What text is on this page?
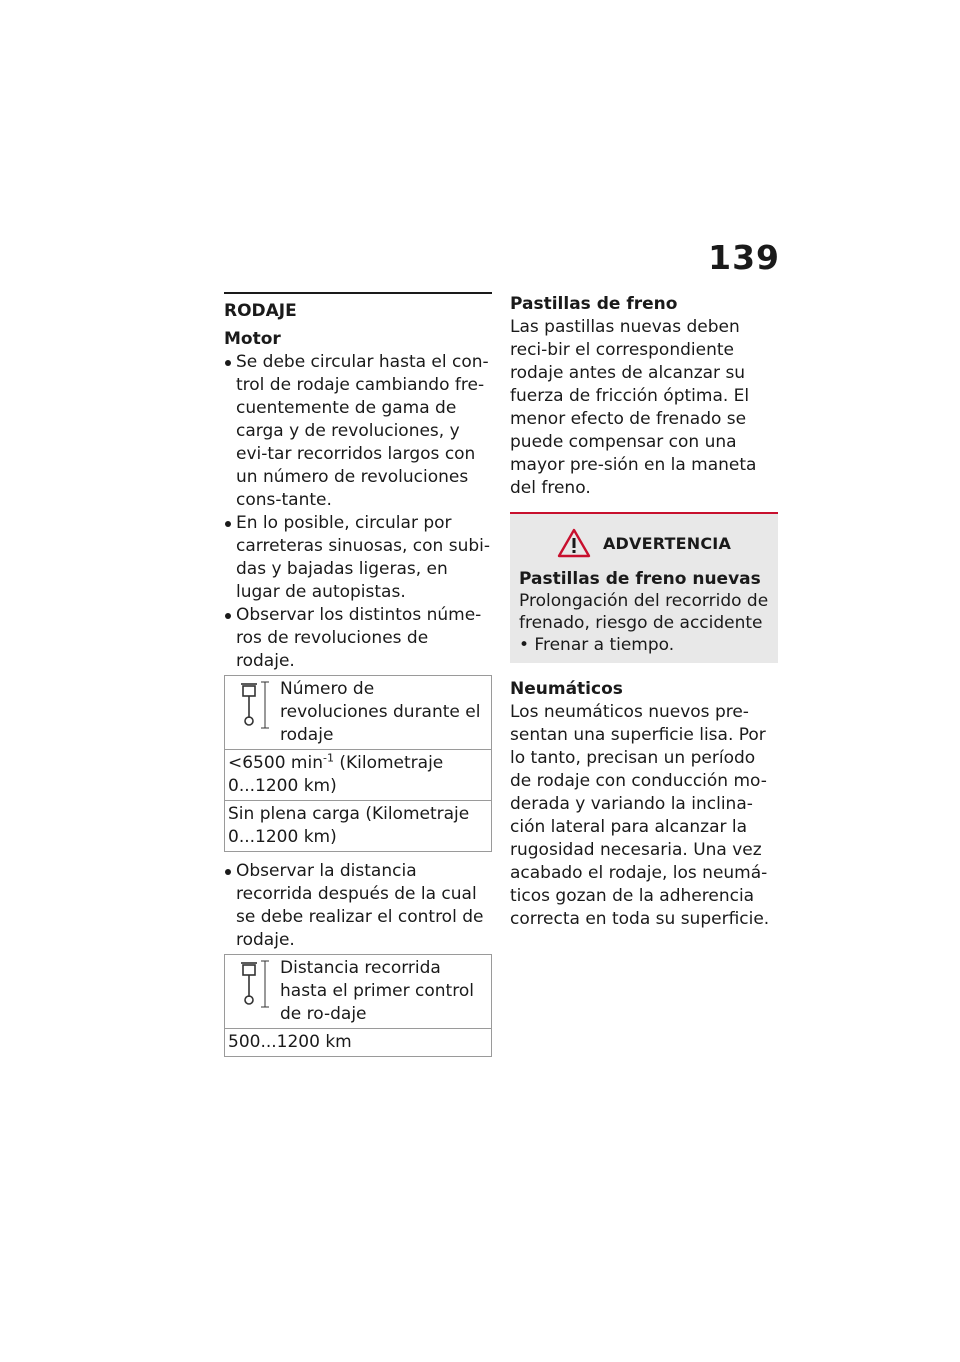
139
RODAJE
Motor
Se debe circular hasta el con-trol de rodaje cambiando fre-cuentemente de gama de carga y de revoluciones, y evi-tar recorridos largos con un número de revoluciones cons-tante.
En lo posible, circular por carreteras sinuosas, con subi-das y bajadas ligeras, en lugar de autopistas.
Observar los distintos núme-ros de revoluciones de rodaje.
Número de revoluciones durante el rodaje
<6500 $\min^{-1}$ (Kilometraje 0...1200 km)
Sin plena carga (Kilometraje 0...1200 km)
Observar la distancia recorrida después de la cual se debe realizar el control de rodaje.
Distancia recorrida hasta el primer control de ro-daje
500...1200 km
Pastillas de freno

Las pastillas nuevas deben reci-bir el correspondiente rodaje antes de alcanzar su fuerza de fricción óptima. El menor efecto de frenado se puede compensar con una mayor pre-sión en la maneta del freno.

ADVERTENCIA

Pastillas de freno nuevas

Prolongación del recorrido de frenado, riesgo de accidente

• Frenar a tiempo.

Neumáticos

Los neumáticos nuevos pre-sentan una superficie lisa. Por lo tanto, precisan un período de rodaje con conducción mo-derada y variando la inclina-ción lateral para alcanzar la rugosidad necesaria. Una vez acabado el rodaje, los neumá-ticos gozan de la adherencia correcta en toda su superficie.
